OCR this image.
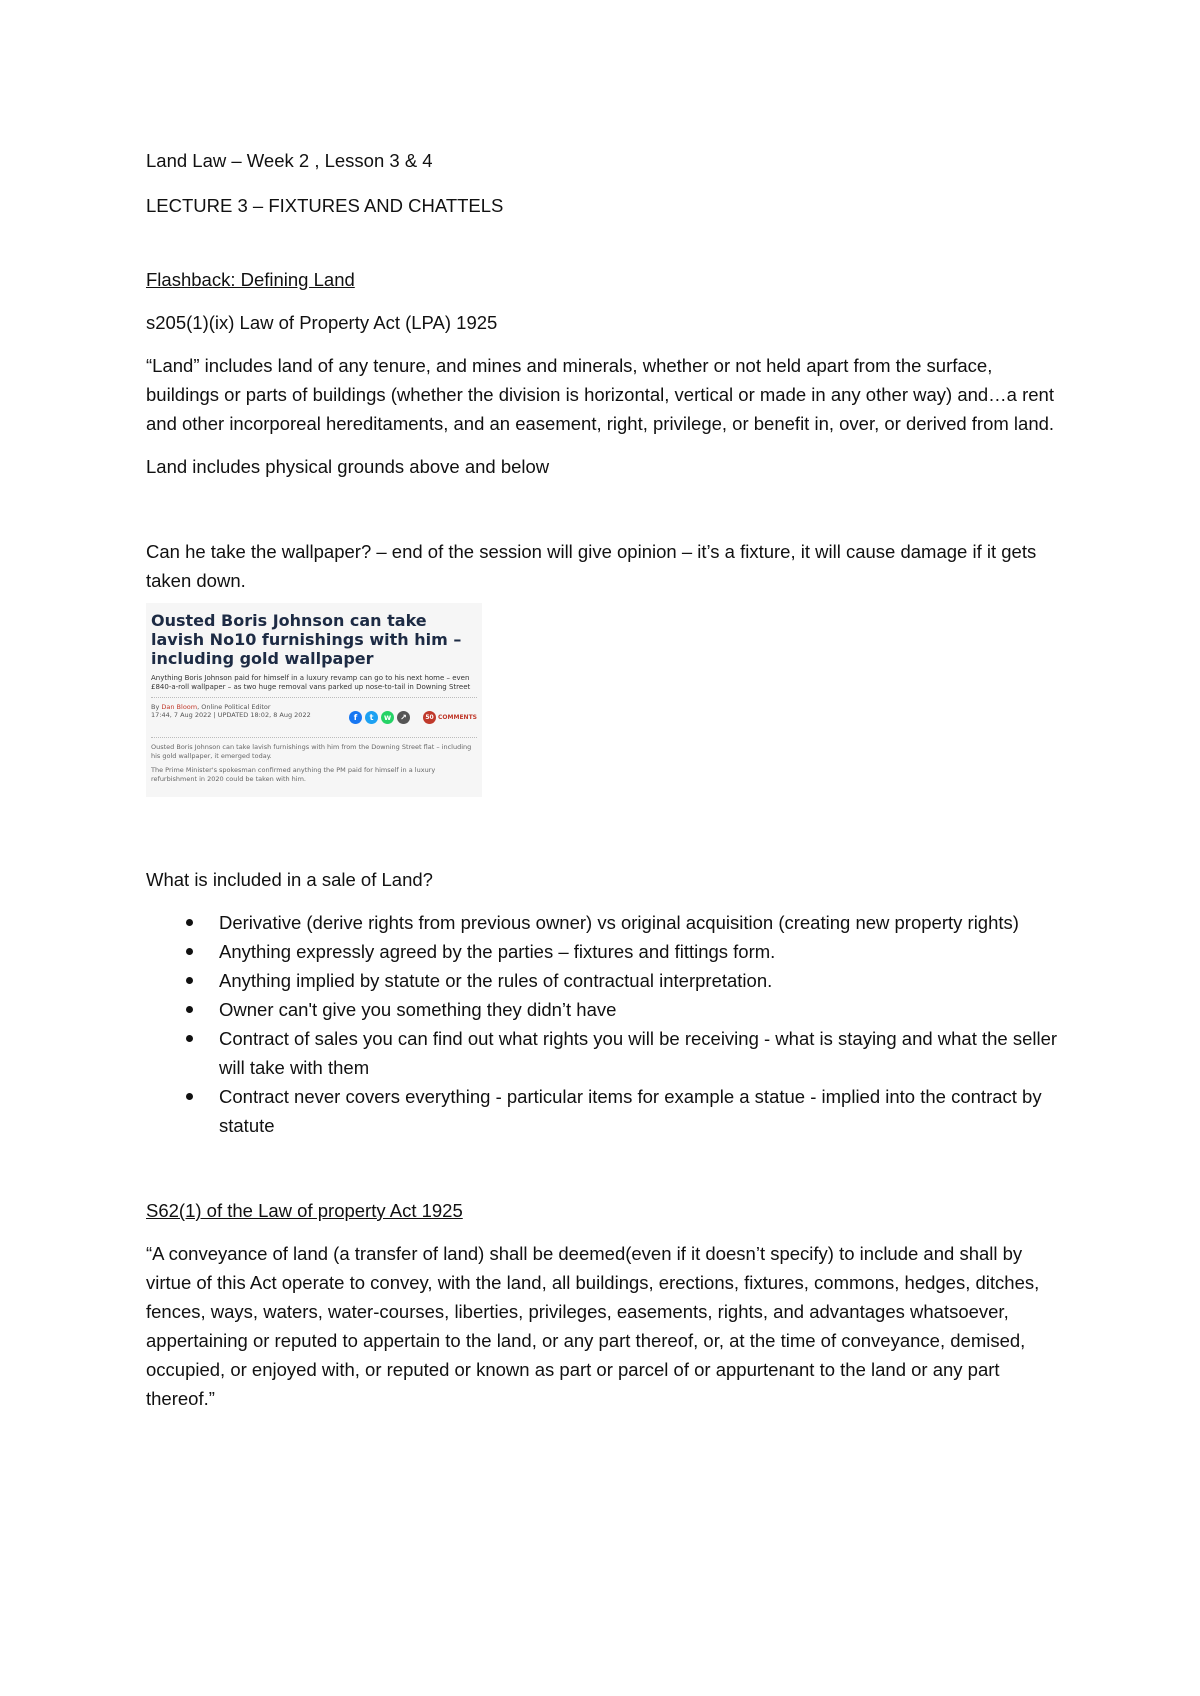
Land Law – Week 2 , Lesson 3 & 4

LECTURE 3 – FIXTURES AND CHATTELS

Flashback: Defining Land

s205(1)(ix) Law of Property Act (LPA) 1925

“Land” includes land of any tenure, and mines and minerals, whether or not held apart from the surface, buildings or parts of buildings (whether the division is horizontal, vertical or made in any other way) and…a rent and other incorporeal hereditaments, and an easement, right, privilege, or benefit in, over, or derived from land.

Land includes physical grounds above and below

Can he take the wallpaper? – end of the session will give opinion – it’s a fixture, it will cause damage if it gets taken down.

Ousted Boris Johnson can take lavish No10 furnishings with him – including gold wallpaper

Anything Boris Johnson paid for himself in a luxury revamp can go to his next home – even £840-a-roll wallpaper – as two huge removal vans parked up nose-to-tail in Downing Street

By Dan Bloom, Online Political Editor
17:44, 7 Aug 2022 | UPDATED 18:02, 8 Aug 2022	f	t	w	↗	50 COMMENTS

Ousted Boris Johnson can take lavish furnishings with him from the Downing Street flat – including his gold wallpaper, it emerged today.

The Prime Minister's spokesman confirmed anything the PM paid for himself in a luxury refurbishment in 2020 could be taken with him.

What is included in a sale of Land?

Derivative (derive rights from previous owner) vs original acquisition (creating new property rights)
Anything expressly agreed by the parties – fixtures and fittings form.
Anything implied by statute or the rules of contractual interpretation.
Owner can't give you something they didn’t have
Contract of sales you can find out what rights you will be receiving - what is staying and what the seller will take with them
Contract never covers everything - particular items for example a statue - implied into the contract by statute

S62(1) of the Law of property Act 1925

“A conveyance of land (a transfer of land) shall be deemed(even if it doesn’t specify) to include and shall by virtue of this Act operate to convey, with the land, all buildings, erections, fixtures, commons, hedges, ditches, fences, ways, waters, water-courses, liberties, privileges, easements, rights, and advantages whatsoever, appertaining or reputed to appertain to the land, or any part thereof, or, at the time of conveyance, demised, occupied, or enjoyed with, or reputed or known as part or parcel of or appurtenant to the land or any part thereof.”
